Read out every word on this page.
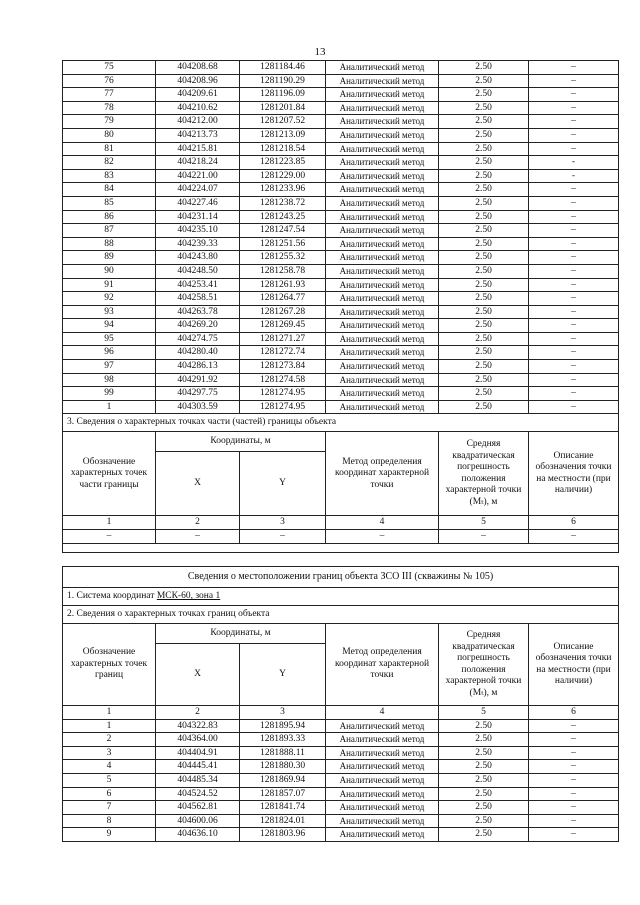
13
75	404208.68	1281184.46	Аналитический метод	2.50	–
76	404208.96	1281190.29	Аналитический метод	2.50	–
77	404209.61	1281196.09	Аналитический метод	2.50	–
78	404210.62	1281201.84	Аналитический метод	2.50	–
79	404212.00	1281207.52	Аналитический метод	2.50	–
80	404213.73	1281213.09	Аналитический метод	2.50	–
81	404215.81	1281218.54	Аналитический метод	2.50	–
82	404218.24	1281223.85	Аналитический метод	2.50	-
83	404221.00	1281229.00	Аналитический метод	2.50	-
84	404224.07	1281233.96	Аналитический метод	2.50	–
85	404227.46	1281238.72	Аналитический метод	2.50	–
86	404231.14	1281243.25	Аналитический метод	2.50	–
87	404235.10	1281247.54	Аналитический метод	2.50	–
88	404239.33	1281251.56	Аналитический метод	2.50	–
89	404243.80	1281255.32	Аналитический метод	2.50	–
90	404248.50	1281258.78	Аналитический метод	2.50	–
91	404253.41	1281261.93	Аналитический метод	2.50	–
92	404258.51	1281264.77	Аналитический метод	2.50	–
93	404263.78	1281267.28	Аналитический метод	2.50	–
94	404269.20	1281269.45	Аналитический метод	2.50	–
95	404274.75	1281271.27	Аналитический метод	2.50	–
96	404280.40	1281272.74	Аналитический метод	2.50	–
97	404286.13	1281273.84	Аналитический метод	2.50	–
98	404291.92	1281274.58	Аналитический метод	2.50	–
99	404297.75	1281274.95	Аналитический метод	2.50	–
1	404303.59	1281274.95	Аналитический метод	2.50	–
3. Сведения о характерных точках части (частей) границы объекта					
Обозначение характерных точек части границы	Координаты, м		Метод определения координат характерной точки	Средняя квадратическая погрешность положения характерной точки (Mₜ), м	Описание обозначения точки на местности (при наличии)
	X	Y			
1	2	3	4	5	6
–	–	–	–	–	–

Сведения о местоположении границ объекта ЗСО III (скважины № 105)					
1. Система координат МСК-60, зона 1					
2. Сведения о характерных точках границ объекта					
Обозначение характерных точек границ	Координаты, м		Метод определения координат характерной точки	Средняя квадратическая погрешность положения характерной точки (Mₜ), м	Описание обозначения точки на местности (при наличии)
	X	Y			
1	2	3	4	5	6
1	404322.83	1281895.94	Аналитический метод	2.50	–
2	404364.00	1281893.33	Аналитический метод	2.50	–
3	404404.91	1281888.11	Аналитический метод	2.50	–
4	404445.41	1281880.30	Аналитический метод	2.50	–
5	404485.34	1281869.94	Аналитический метод	2.50	–
6	404524.52	1281857.07	Аналитический метод	2.50	–
7	404562.81	1281841.74	Аналитический метод	2.50	–
8	404600.06	1281824.01	Аналитический метод	2.50	–
9	404636.10	1281803.96	Аналитический метод	2.50	–
